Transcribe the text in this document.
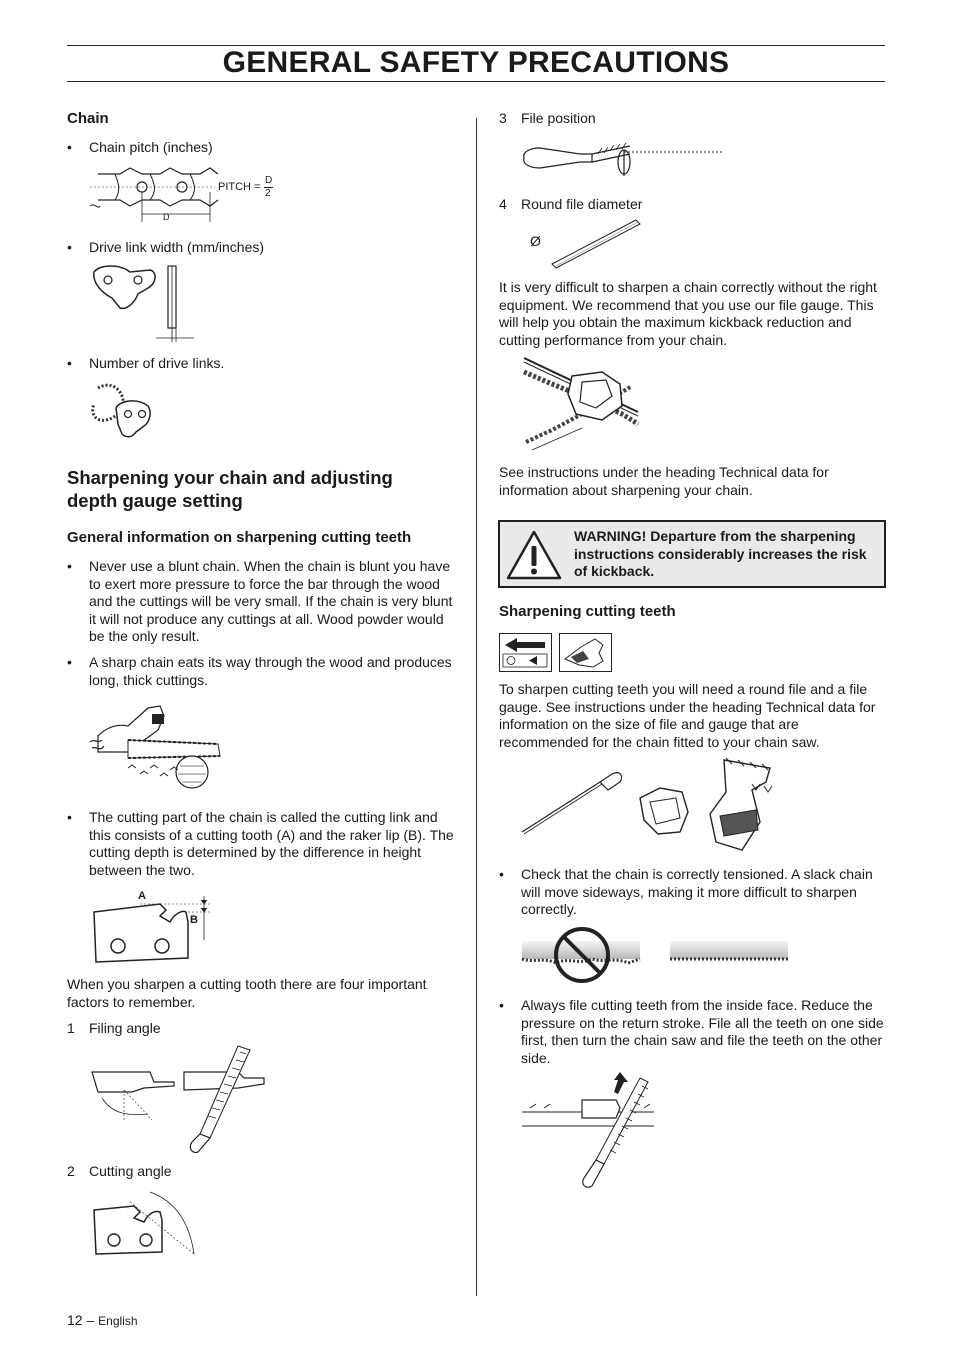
GENERAL SAFETY PRECAUTIONS
Chain
• Chain pitch (inches)
PITCH =
D
2
D
• Drive link width (mm/inches)
• Number of drive links.
Sharpening your chain and adjusting
depth gauge setting
General information on sharpening cutting teeth
• Never use a blunt chain. When the chain is blunt you have
to exert more pressure to force the bar through the wood
and the cuttings will be very small. If the chain is very blunt
it will not produce any cuttings at all. Wood powder would
be the only result.
• A sharp chain eats its way through the wood and produces
long, thick cuttings.
• The cutting part of the chain is called the cutting link and
this consists of a cutting tooth (A) and the raker lip (B). The
cutting depth is determined by the difference in height
between the two.
A
B
When you sharpen a cutting tooth there are four important
factors to remember.
1 Filing angle
2 Cutting angle
3 File position
4 Round file diameter
Ø
It is very difficult to sharpen a chain correctly without the right
equipment. We recommend that you use our file gauge. This
will help you obtain the maximum kickback reduction and
cutting performance from your chain.
See instructions under the heading Technical data for
information about sharpening your chain.
WARNING! Departure from the sharpening
instructions considerably increases the risk
of kickback.
Sharpening cutting teeth
To sharpen cutting teeth you will need a round file and a file
gauge. See instructions under the heading Technical data for
information on the size of file and gauge that are
recommended for the chain fitted to your chain saw.
• Check that the chain is correctly tensioned. A slack chain
will move sideways, making it more difficult to sharpen
correctly.
• Always file cutting teeth from the inside face. Reduce the
pressure on the return stroke. File all the teeth on one side
first, then turn the chain saw and file the teeth on the other
side.
12 – English
